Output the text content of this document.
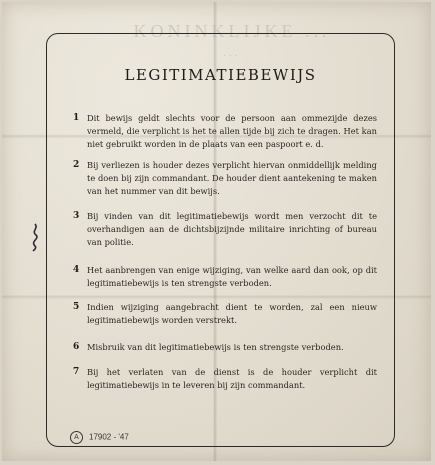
KONINKLIJKE ...
...
LEGITIMATIEBEWIJS
1 Dit bewijs geldt slechts voor de persoon aan ommezijde dezes vermeld, die verplicht is het te allen tijde bij zich te dragen. Het kan niet gebruikt worden in de plaats van een paspoort e. d.
2 Bij verliezen is houder dezes verplicht hiervan onmiddellijk melding te doen bij zijn commandant. De houder dient aantekening te maken van het nummer van dit bewijs.
3 Bij vinden van dit legitimatiebewijs wordt men verzocht dit te overhandigen aan de dichtsbijzijnde militaire inrichting of bureau van politie.
4 Het aanbrengen van enige wijziging, van welke aard dan ook, op dit legitimatiebewijs is ten strengste verboden.
5 Indien wijziging aangebracht dient te worden, zal een nieuw legitimatiebewijs worden verstrekt.
6 Misbruik van dit legitimatiebewijs is ten strengste verboden.
7 Bij het verlaten van de dienst is de houder verplicht dit legitimatiebewijs in te leveren bij zijn commandant.
A 17902 - '47
